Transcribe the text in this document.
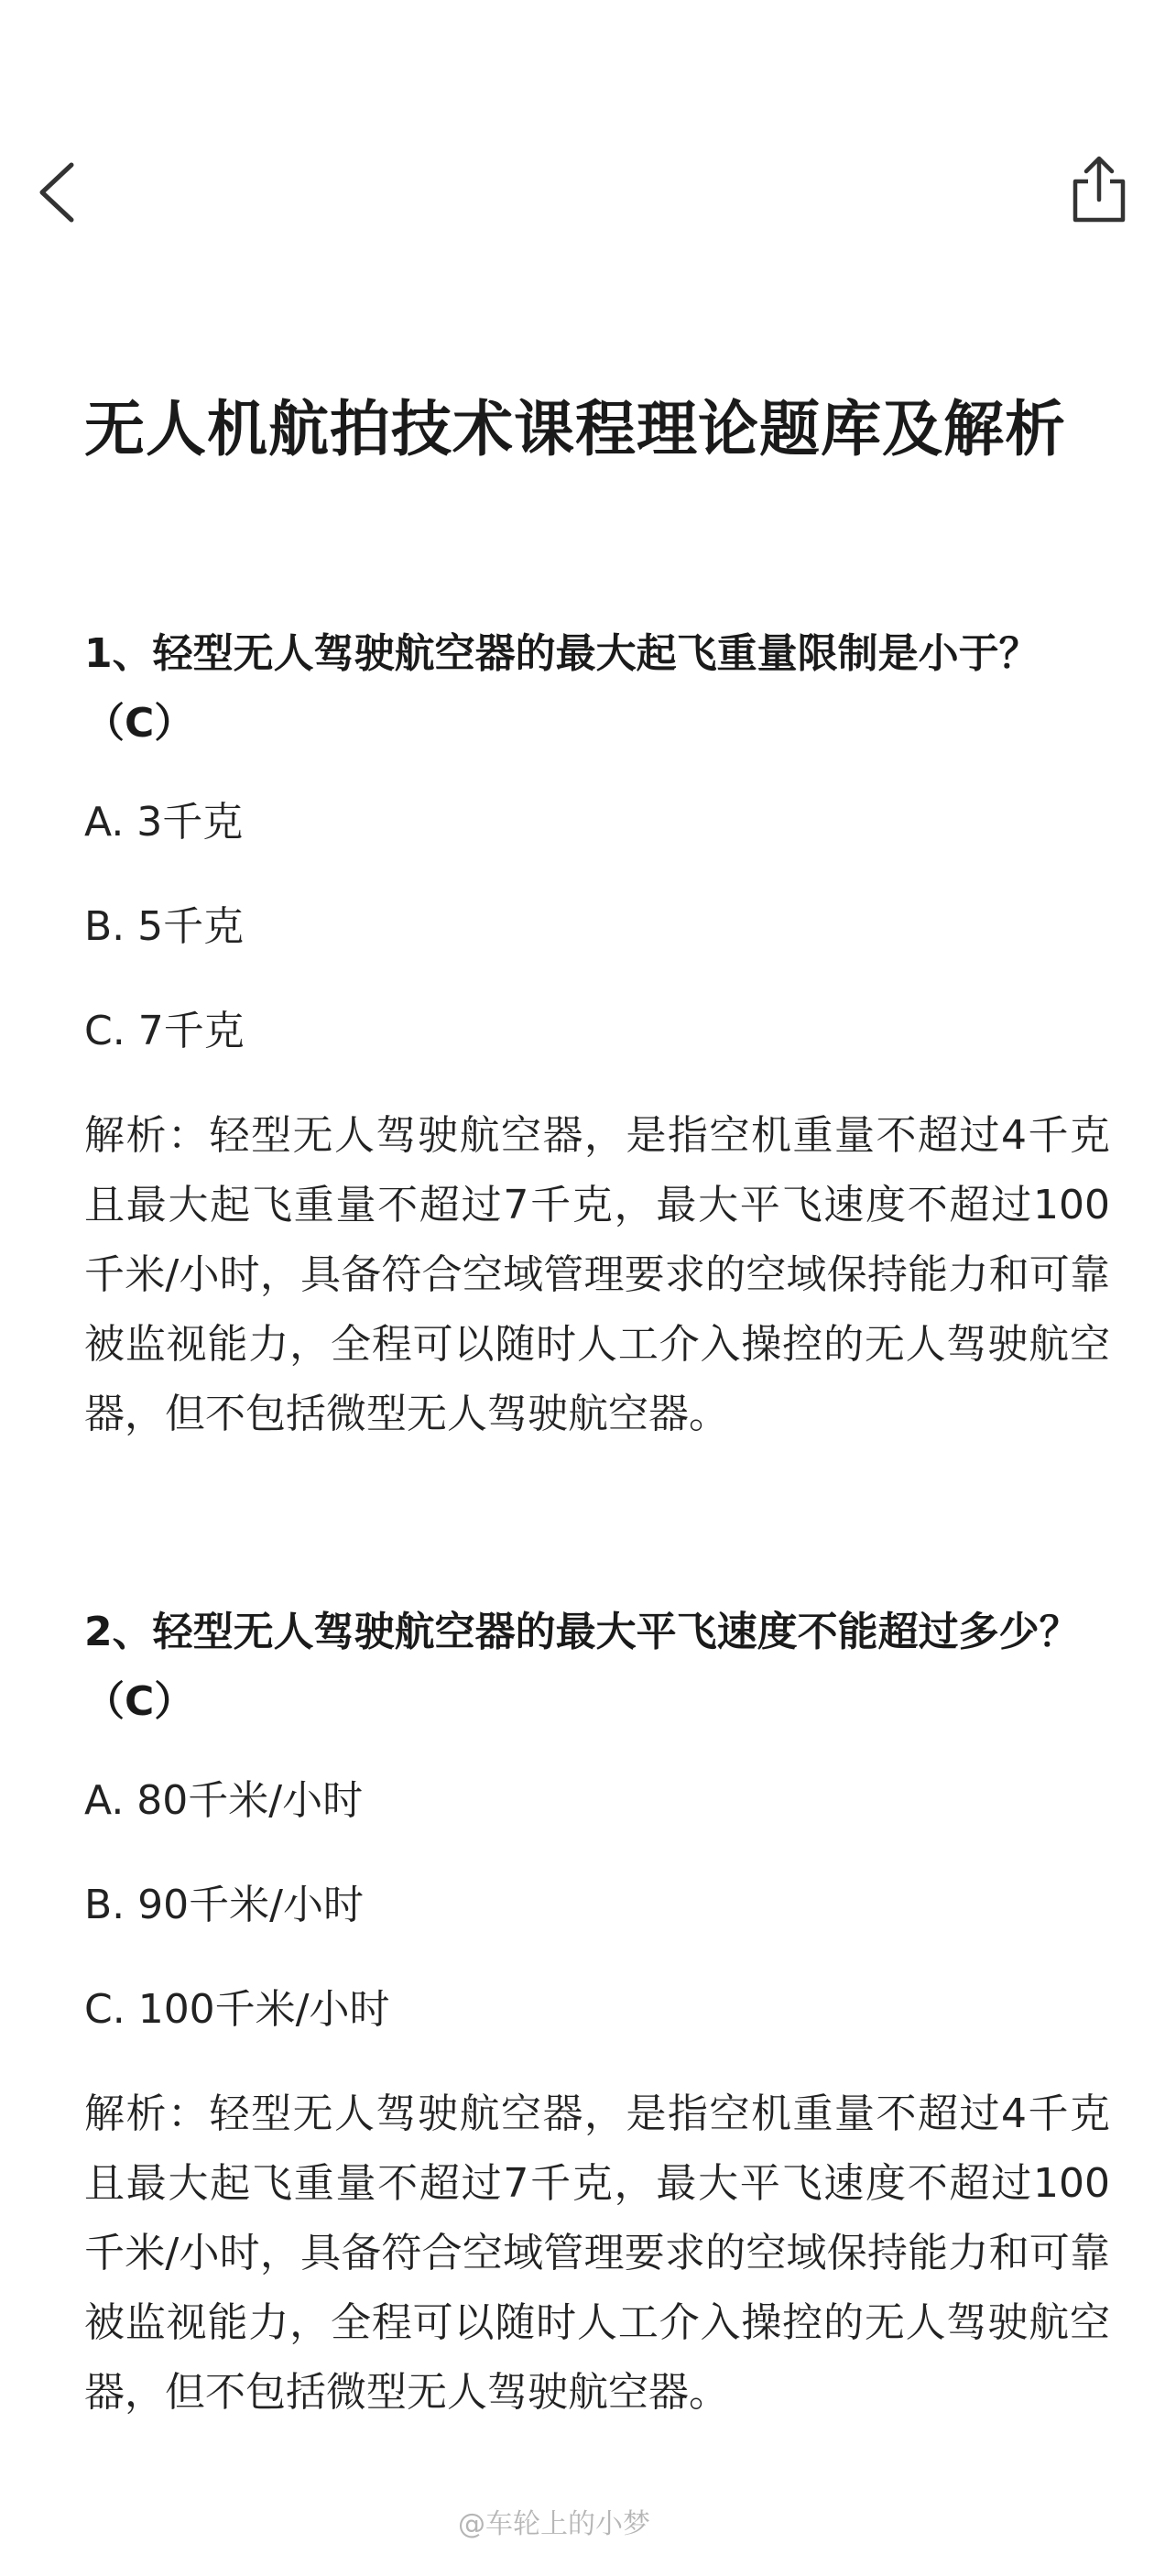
无人机航拍技术课程理论题库及解析

1、轻型无人驾驶航空器的最大起飞重量限制是小于？（C）

A. 3千克

B. 5千克

C. 7千克

解析：轻型无人驾驶航空器，是指空机重量不超过4千克且最大起飞重量不超过7千克，最大平飞速度不超过100千米/小时，具备符合空域管理要求的空域保持能力和可靠被监视能力，全程可以随时人工介入操控的无人驾驶航空器，但不包括微型无人驾驶航空器。

2、轻型无人驾驶航空器的最大平飞速度不能超过多少？（C）

A. 80千米/小时

B. 90千米/小时

C. 100千米/小时

解析：轻型无人驾驶航空器，是指空机重量不超过4千克且最大起飞重量不超过7千克，最大平飞速度不超过100千米/小时，具备符合空域管理要求的空域保持能力和可靠被监视能力，全程可以随时人工介入操控的无人驾驶航空器，但不包括微型无人驾驶航空器。

@车轮上的小梦
